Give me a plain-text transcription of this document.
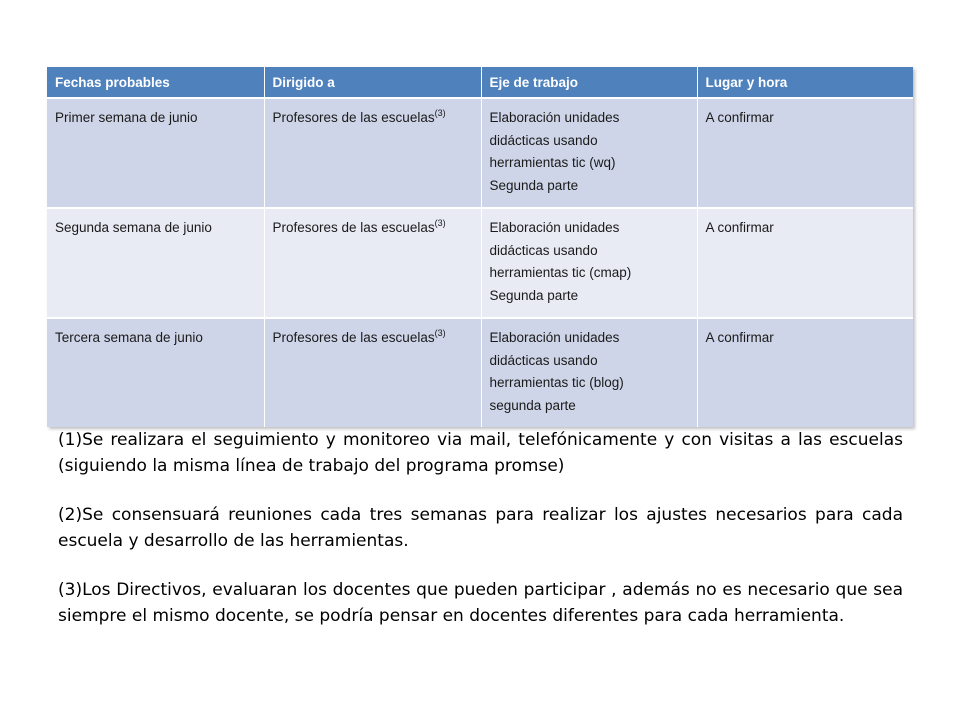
Fechas probables	Dirigido a	Eje de trabajo	Lugar y hora
Primer semana de junio	Profesores de las escuelas$^{(3)}$	Elaboración unidades
didácticas usando
herramientas tic (wq)
Segunda parte	A confirmar
Segunda semana de junio	Profesores de las escuelas$^{(3)}$	Elaboración unidades
didácticas usando
herramientas tic (cmap)
Segunda parte	A confirmar
Tercera semana de junio	Profesores de las escuelas$^{(3)}$	Elaboración unidades
didácticas usando
herramientas tic (blog)
segunda parte	A confirmar

(1)Se realizara el seguimiento y monitoreo via mail, telefónicamente y con visitas a las escuelas (siguiendo la misma línea de trabajo del programa promse)

(2)Se consensuará reuniones cada tres semanas para realizar los ajustes necesarios para cada escuela y desarrollo de las herramientas.

(3)Los Directivos, evaluaran los docentes que pueden participar , además no es necesario que sea siempre el mismo docente, se podría pensar en docentes diferentes para cada herramienta.
